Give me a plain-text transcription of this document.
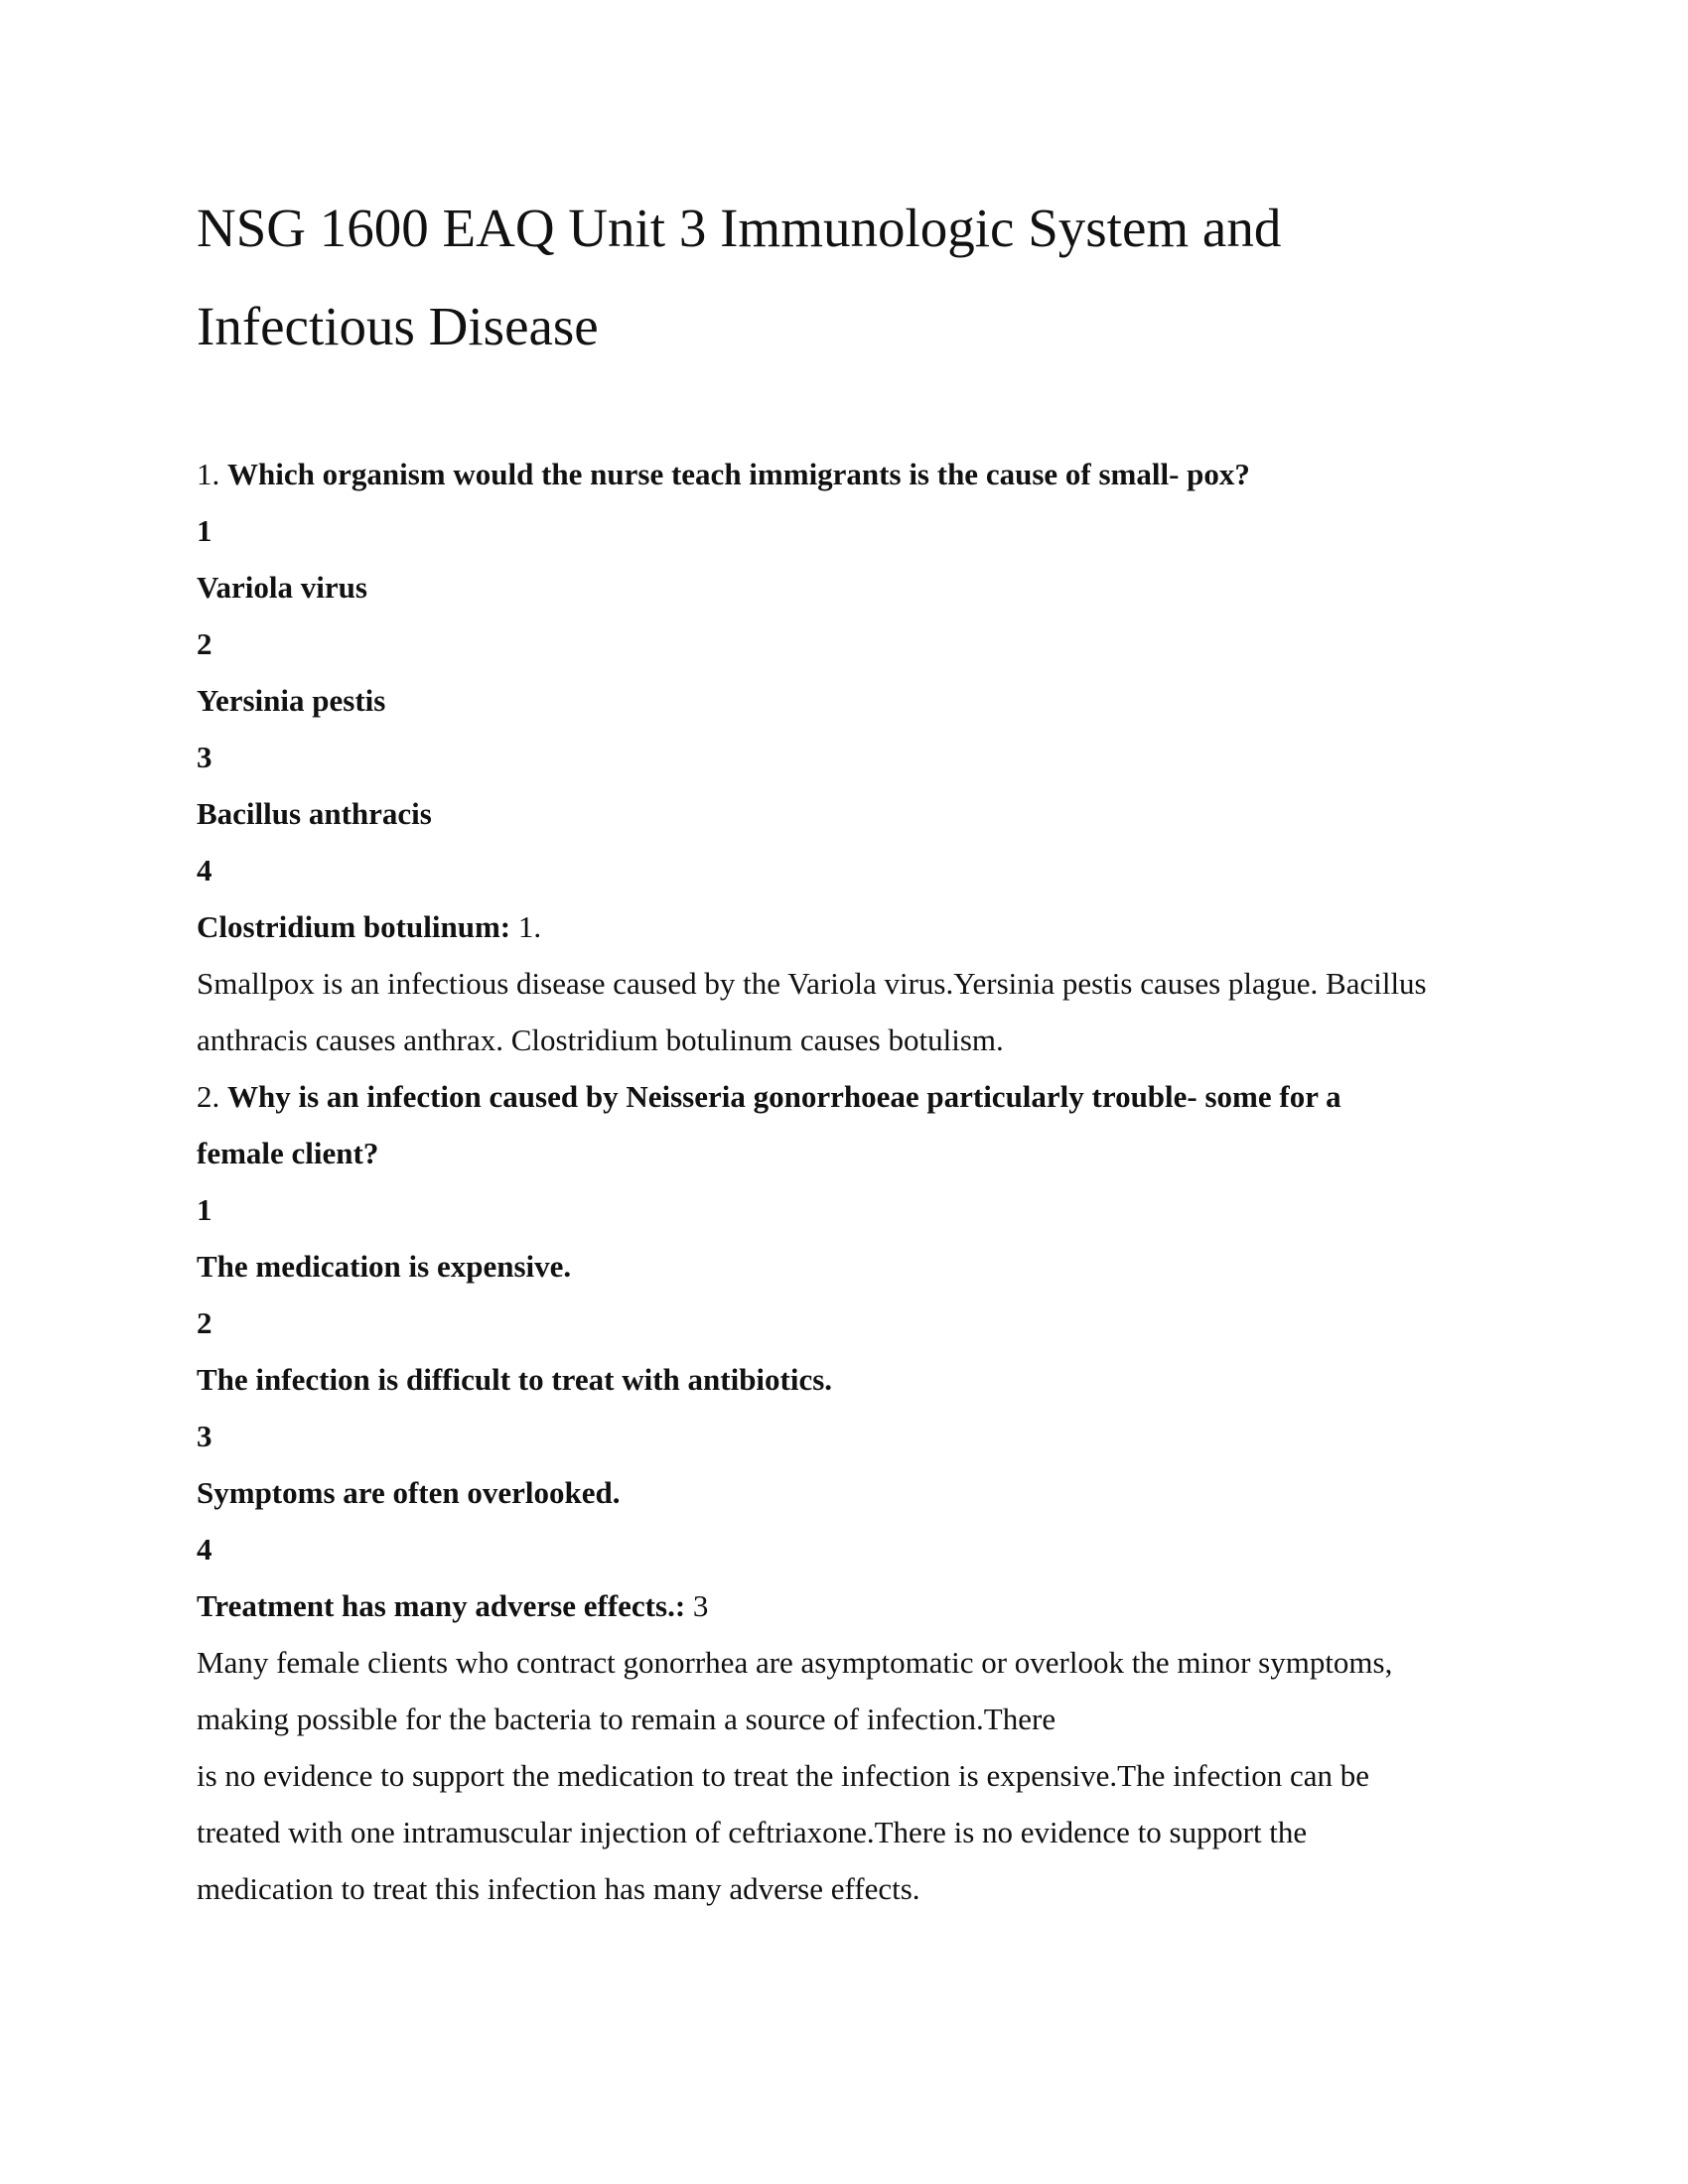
NSG 1600 EAQ Unit 3 Immunologic System and
Infectious Disease

1. Which organism would the nurse teach immigrants is the cause of small- pox?

1

Variola virus

2

Yersinia pestis

3

Bacillus anthracis

4

Clostridium botulinum: 1.

Smallpox is an infectious disease caused by the Variola virus.Yersinia pestis causes plague. Bacillus

anthracis causes anthrax. Clostridium botulinum causes botulism.

2. Why is an infection caused by Neisseria gonorrhoeae particularly trouble- some for a

female client?

1

The medication is expensive.

2

The infection is difficult to treat with antibiotics.

3

Symptoms are often overlooked.

4

Treatment has many adverse effects.: 3

Many female clients who contract gonorrhea are asymptomatic or overlook the minor symptoms,

making possible for the bacteria to remain a source of infection.There

is no evidence to support the medication to treat the infection is expensive.The infection can be

treated with one intramuscular injection of ceftriaxone.There is no evidence to support the

medication to treat this infection has many adverse effects.
